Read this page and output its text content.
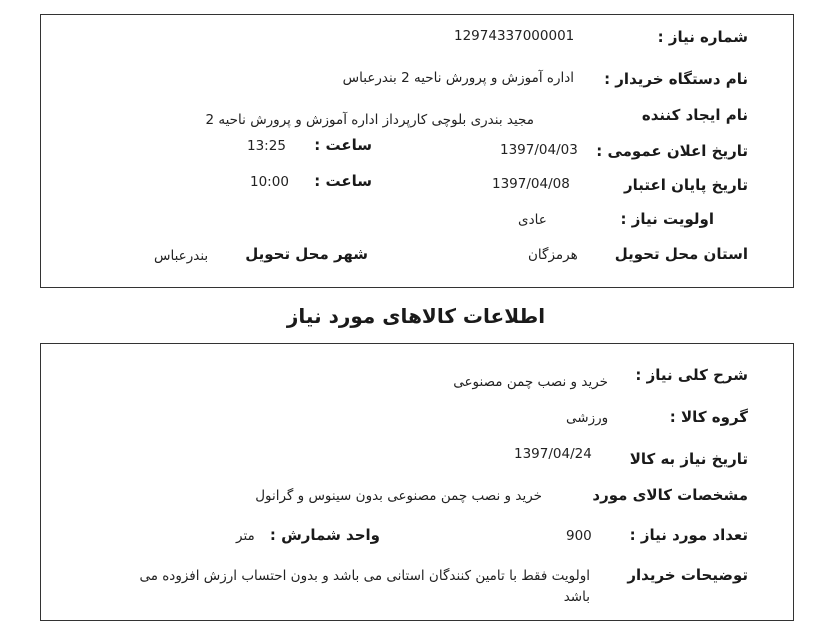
شماره نیاز :
12974337000001
نام دستگاه خریدار :
اداره آموزش و پرورش ناحیه 2 بندرعباس
نام ایجاد کننده
مجید بندری بلوچی کارپرداز اداره آموزش و پرورش ناحیه 2
تاریخ اعلان عمومی :
1397/04/03
ساعت :
13:25
تاریخ پایان اعتبار
1397/04/08
ساعت :
10:00
اولویت نیاز :
عادی
استان محل تحویل
هرمزگان
شهر محل تحویل
بندرعباس
اطلاعات کالاهای مورد نیاز
شرح کلی نیاز :
خرید و نصب چمن مصنوعی
گروه کالا :
ورزشی
تاریخ نیاز به کالا
1397/04/24
مشخصات کالای مورد
خرید و نصب چمن مصنوعی بدون سینوس و گرانول
تعداد مورد نیاز :
900
واحد شمارش :
متر
توضیحات خریدار
اولویت فقط با تامین کنندگان استانی می باشد و بدون احتساب ارزش افزوده می
باشد
